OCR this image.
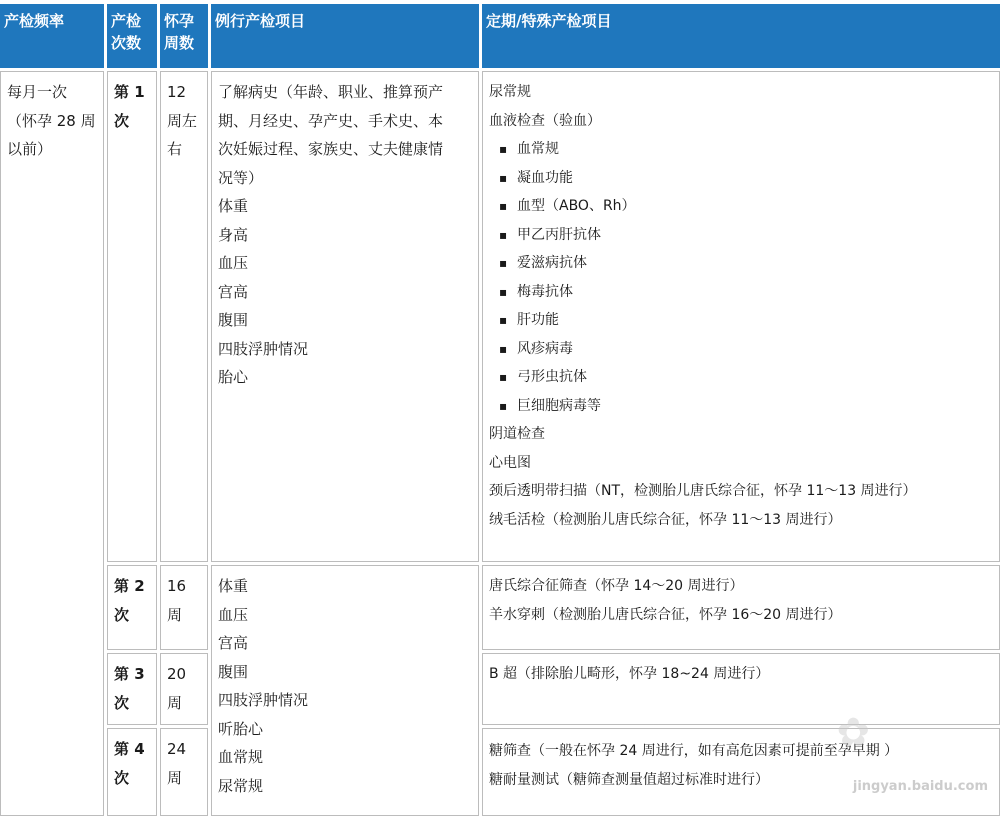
产检频率	产检
次数
怀孕
周数
例行产检项目	定期/特殊产检项目
每月一次
（怀孕 28 周
以前）
第 1
次
12
周左
右
了解病史（年龄、职业、推算预产
期、月经史、孕产史、手术史、本
次妊娠过程、家族史、丈夫健康情
况等）
体重
身高
血压
宫高
腹围
四肢浮肿情况
胎心
尿常规
血液检查（验血）
▪ 血常规
▪ 凝血功能
▪ 血型（ABO、Rh）
▪ 甲乙丙肝抗体
▪ 爱滋病抗体
▪ 梅毒抗体
▪ 肝功能
▪ 风疹病毒
▪ 弓形虫抗体
▪ 巨细胞病毒等
阴道检查
心电图
颈后透明带扫描（NT，检测胎儿唐氏综合征，怀孕 11～13 周进行）
绒毛活检（检测胎儿唐氏综合征，怀孕 11～13 周进行）
第 2
次
16
周
体重
血压
宫高
腹围
四肢浮肿情况
听胎心
血常规
尿常规
唐氏综合征筛查（怀孕 14～20 周进行）
羊水穿刺（检测胎儿唐氏综合征，怀孕 16～20 周进行）
第 3
次
20
周
B 超（排除胎儿畸形，怀孕 18~24 周进行）
第 4
次
24
周
糖筛查（一般在怀孕 24 周进行，如有高危因素可提前至孕早期 ）
糖耐量测试（糖筛查测量值超过标准时进行）
✿
jingyan.baidu.com
